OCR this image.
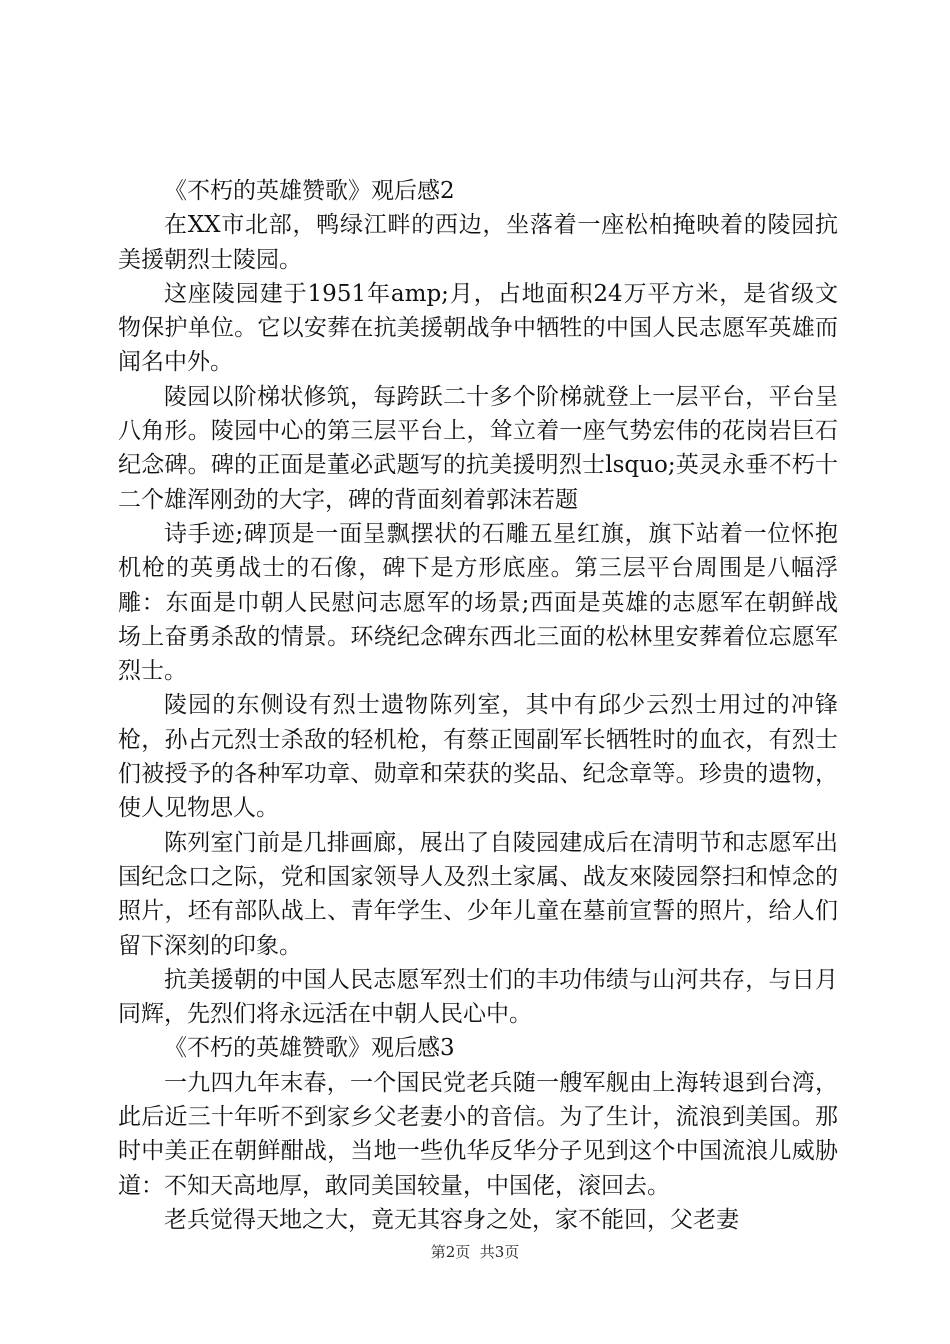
《不朽的英雄赞歌》观后感2

在XX市北部，鸭绿江畔的西边，坐落着一座松柏掩映着的陵园抗美援朝烈士陵园。

这座陵园建于1951年amp;月，占地面积24万平方米，是省级文物保护单位。它以安葬在抗美援朝战争中牺牲的中国人民志愿军英雄而闻名中外。

陵园以阶梯状修筑，每跨跃二十多个阶梯就登上一层平台，平台呈八角形。陵园中心的第三层平台上，耸立着一座气势宏伟的花岗岩巨石纪念碑。碑的正面是董必武题写的抗美援明烈士lsquo;英灵永垂不朽十二个雄浑刚劲的大字，碑的背面刻着郭沫若题

诗手迹;碑顶是一面呈飘摆状的石雕五星红旗，旗下站着一位怀抱机枪的英勇战士的石像，碑下是方形底座。第三层平台周围是八幅浮雕：东面是巾朝人民慰问志愿军的场景;西面是英雄的志愿军在朝鲜战场上奋勇杀敌的情景。环绕纪念碑东西北三面的松林里安葬着位忘愿军烈士。

陵园的东侧设有烈士遗物陈列室，其中有邱少云烈士用过的冲锋枪，孙占元烈士杀敌的轻机枪，有蔡正囤副军长牺牲时的血衣，有烈士们被授予的各种军功章、勋章和荣获的奖品、纪念章等。珍贵的遗物，使人见物思人。

陈列室门前是几排画廊，展出了自陵园建成后在清明节和志愿军出国纪念口之际，党和国家领导人及烈土家属、战友來陵园祭扫和悼念的照片，坯有部队战上、青年学生、少年儿童在墓前宣誓的照片，给人们留下深刻的印象。

抗美援朝的中国人民志愿军烈士们的丰功伟绩与山河共存，与日月同辉，先烈们将永远活在中朝人民心中。

《不朽的英雄赞歌》观后感3

一九四九年末春，一个国民党老兵随一艘军舰由上海转退到台湾，此后近三十年听不到家乡父老妻小的音信。为了生计，流浪到美国。那时中美正在朝鲜酣战，当地一些仇华反华分子见到这个中国流浪儿威胁道：不知天高地厚，敢同美国较量，中国佬，滚回去。

老兵觉得天地之大，竟无其容身之处，家不能回，父老妻

第2页  共3页
